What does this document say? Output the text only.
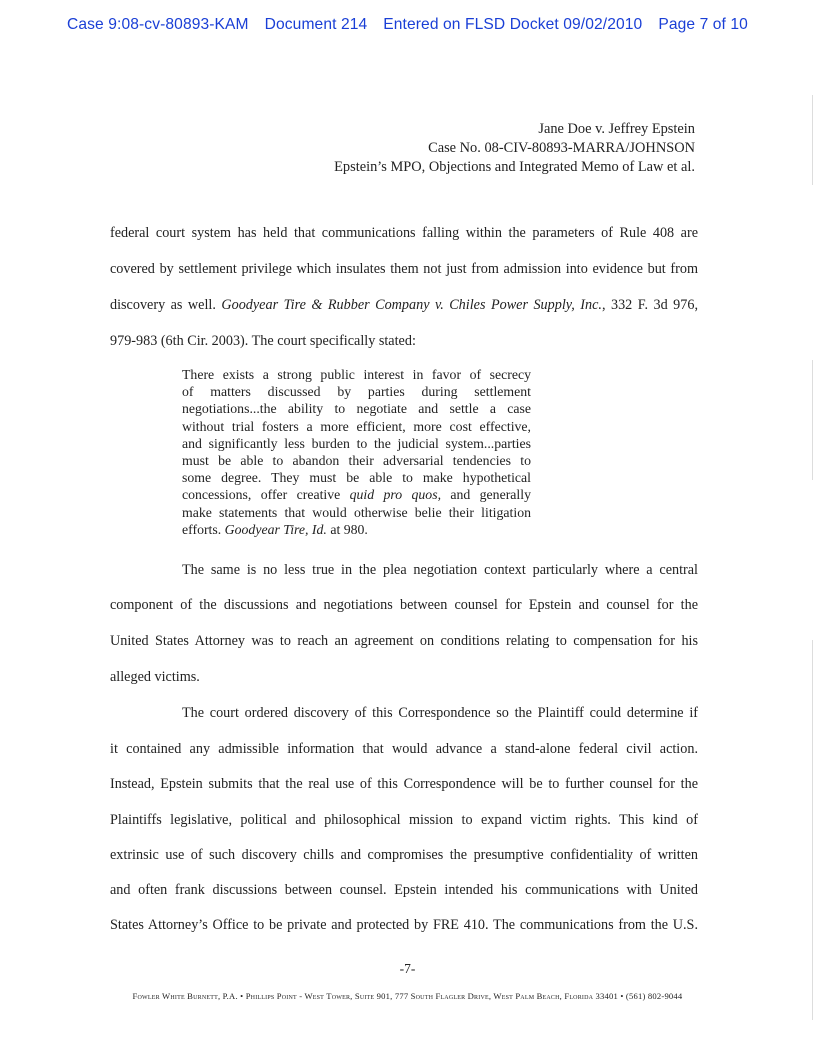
Case 9:08-cv-80893-KAM Document 214 Entered on FLSD Docket 09/02/2010 Page 7 of 10
Jane Doe v. Jeffrey Epstein
Case No. 08-CIV-80893-MARRA/JOHNSON
Epstein’s MPO, Objections and Integrated Memo of Law et al.
federal court system has held that communications falling within the parameters of Rule 408 are
covered by settlement privilege which insulates them not just from admission into evidence but from
discovery as well. Goodyear Tire & Rubber Company v. Chiles Power Supply, Inc., 332 F. 3d 976,
979-983 (6th Cir. 2003). The court specifically stated:
There exists a strong public interest in favor of secrecy
of matters discussed by parties during settlement
negotiations...the ability to negotiate and settle a case
without trial fosters a more efficient, more cost effective,
and significantly less burden to the judicial system...parties
must be able to abandon their adversarial tendencies to
some degree. They must be able to make hypothetical
concessions, offer creative quid pro quos, and generally
make statements that would otherwise belie their litigation
efforts. Goodyear Tire, Id. at 980.
The same is no less true in the plea negotiation context particularly where a central
component of the discussions and negotiations between counsel for Epstein and counsel for the
United States Attorney was to reach an agreement on conditions relating to compensation for his
alleged victims.
The court ordered discovery of this Correspondence so the Plaintiff could determine if
it contained any admissible information that would advance a stand-alone federal civil action.
Instead, Epstein submits that the real use of this Correspondence will be to further counsel for the
Plaintiffs legislative, political and philosophical mission to expand victim rights. This kind of
extrinsic use of such discovery chills and compromises the presumptive confidentiality of written
and often frank discussions between counsel. Epstein intended his communications with United
States Attorney’s Office to be private and protected by FRE 410. The communications from the U.S.
-7-
Fowler White Burnett, P.A. • Phillips Point - West Tower, Suite 901, 777 South Flagler Drive, West Palm Beach, Florida 33401 • (561) 802-9044
